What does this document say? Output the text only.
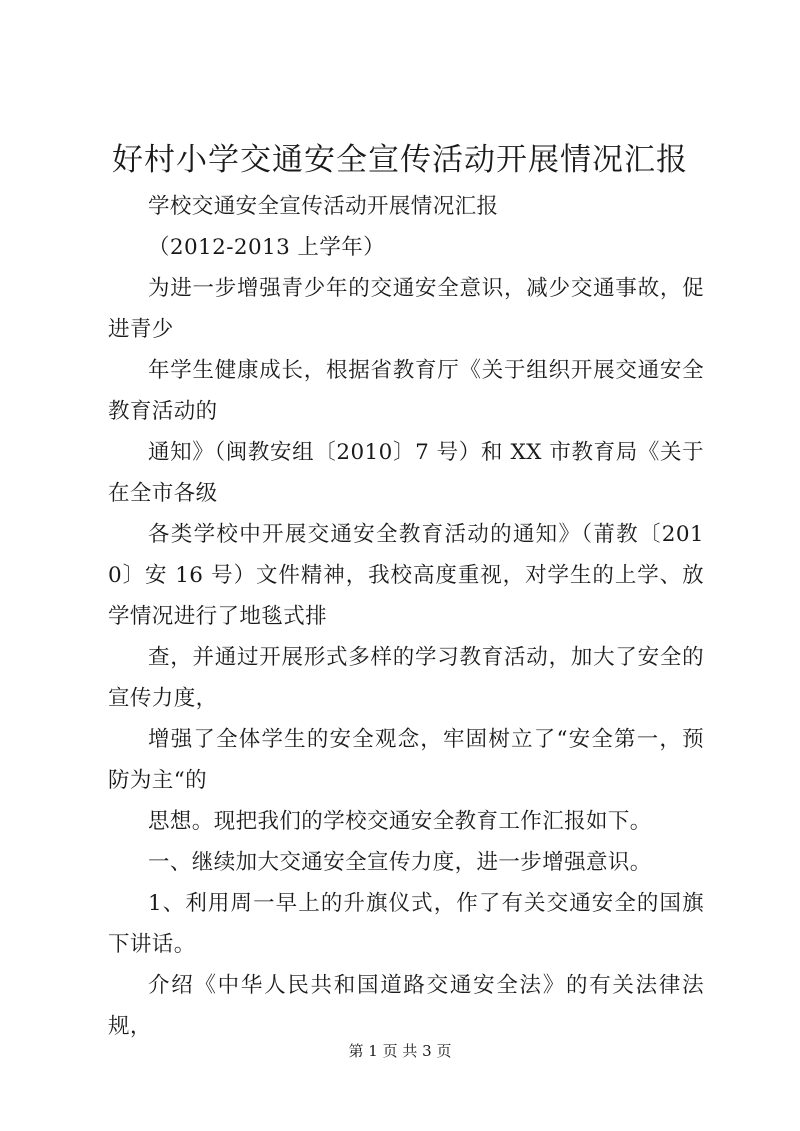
好村小学交通安全宣传活动开展情况汇报

学校交通安全宣传活动开展情况汇报

（2012-2013 上学年）

为进一步增强青少年的交通安全意识，减少交通事故，促进青少

年学生健康成长，根据省教育厅《关于组织开展交通安全教育活动的

通知》（闽教安组〔2010〕7 号）和 XX 市教育局《关于在全市各级

各类学校中开展交通安全教育活动的通知》（莆教〔2010〕安 16 号）文件精神，我校高度重视，对学生的上学、放学情况进行了地毯式排

查，并通过开展形式多样的学习教育活动，加大了安全的宣传力度，

增强了全体学生的安全观念，牢固树立了“安全第一，预防为主“的

思想。现把我们的学校交通安全教育工作汇报如下。

一、继续加大交通安全宣传力度，进一步增强意识。

1、利用周一早上的升旗仪式，作了有关交通安全的国旗下讲话。

介绍《中华人民共和国道路交通安全法》的有关法律法规，

第 1 页 共 3 页
